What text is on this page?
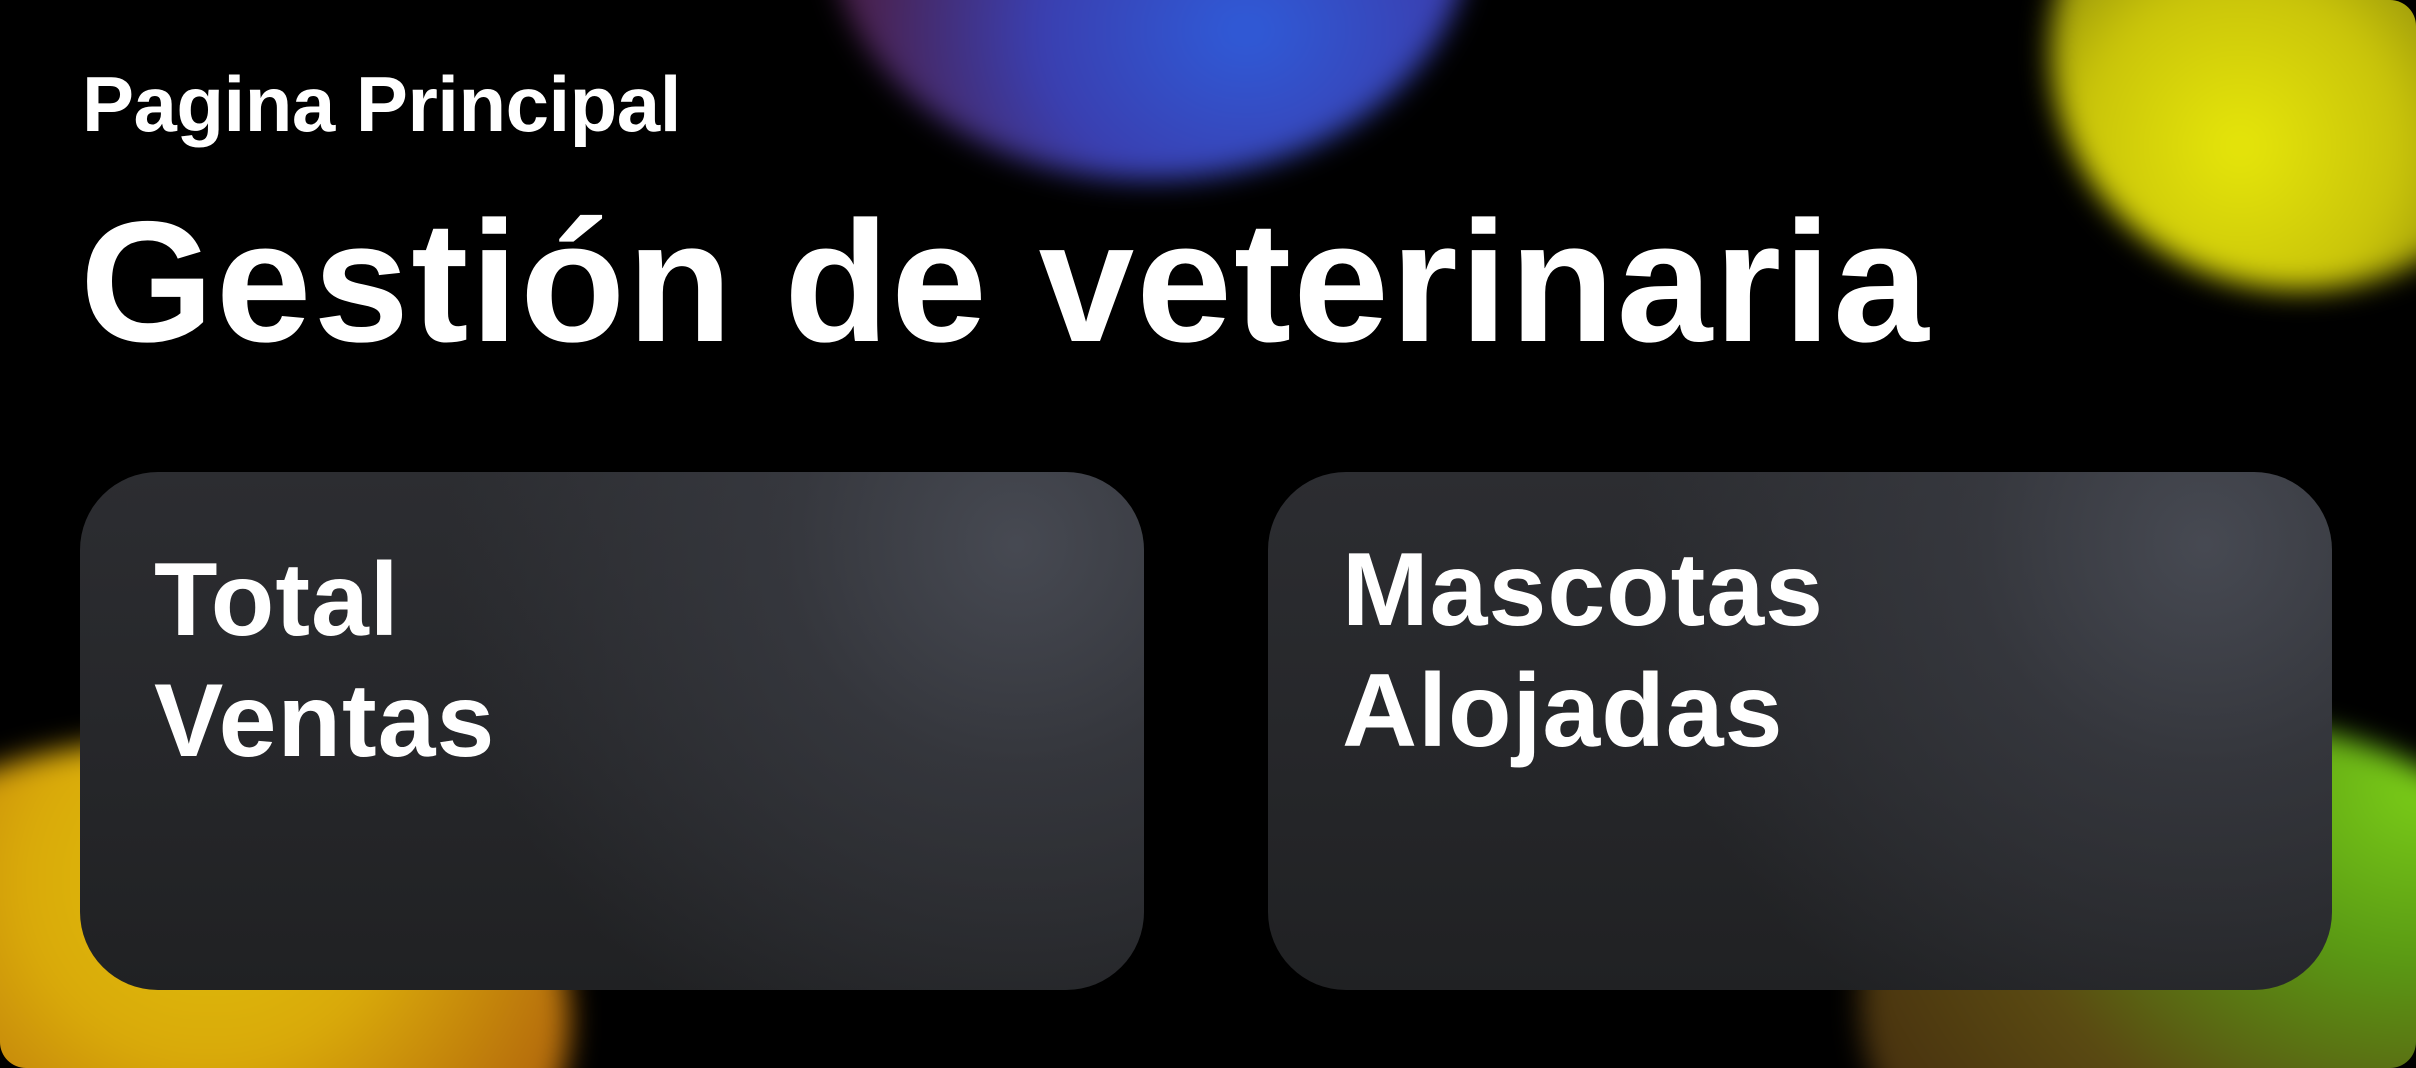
Pagina Principal

Gestión de veterinaria
Total Ventas
Mascotas Alojadas
